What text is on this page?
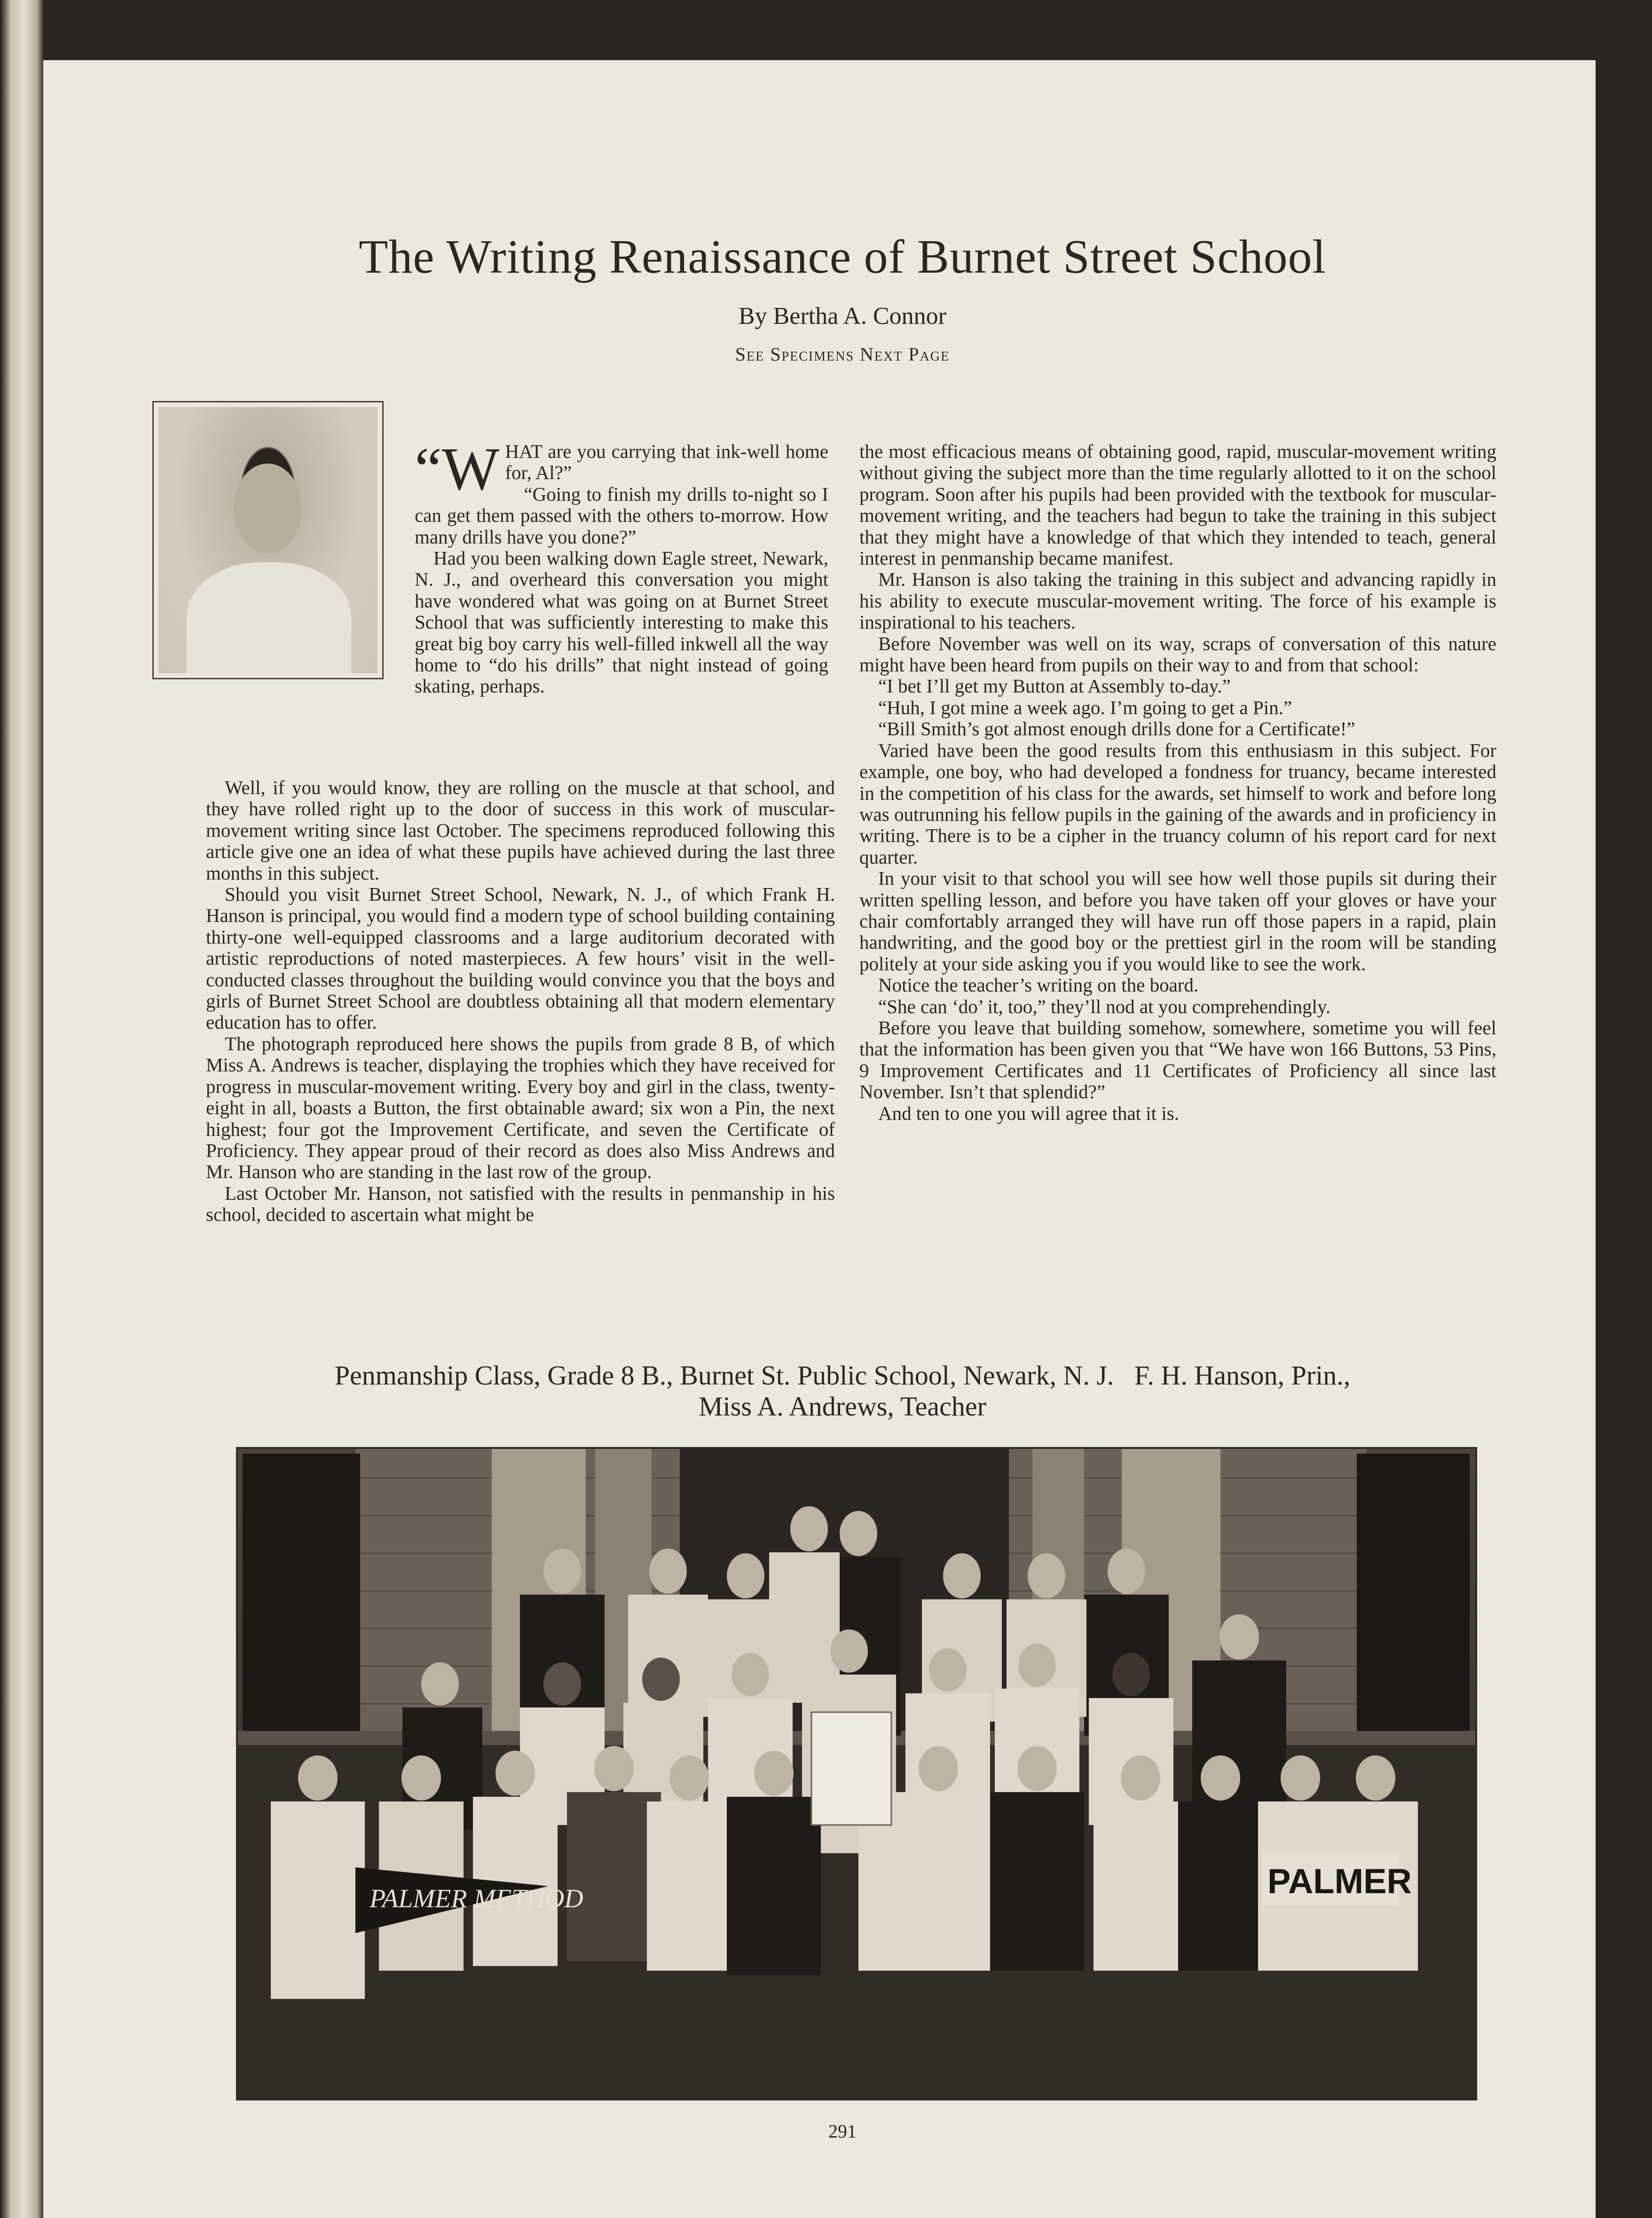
The Writing Renaissance of Burnet Street School
By Bertha A. Connor
See Specimens Next Page

“WHAT are you carrying that ink-well home for, Al?”

“Going to finish my drills to-night so I can get them passed with the others to-morrow. How many drills have you done?”

Had you been walking down Eagle street, Newark, N. J., and overheard this conversation you might have wondered what was going on at Burnet Street School that was sufficiently interesting to make this great big boy carry his well-filled inkwell all the way home to “do his drills” that night instead of going skating, perhaps.

Well, if you would know, they are rolling on the muscle at that school, and they have rolled right up to the door of success in this work of muscular-movement writing since last October. The specimens reproduced following this article give one an idea of what these pupils have achieved during the last three months in this subject.

Should you visit Burnet Street School, Newark, N. J., of which Frank H. Hanson is principal, you would find a modern type of school building containing thirty-one well-equipped classrooms and a large auditorium decorated with artistic reproductions of noted masterpieces. A few hours’ visit in the well-conducted classes throughout the building would convince you that the boys and girls of Burnet Street School are doubtless obtaining all that modern elementary education has to offer.

The photograph reproduced here shows the pupils from grade 8 B, of which Miss A. Andrews is teacher, displaying the trophies which they have received for progress in muscular-movement writing. Every boy and girl in the class, twenty-eight in all, boasts a Button, the first obtainable award; six won a Pin, the next highest; four got the Improvement Certificate, and seven the Certificate of Proficiency. They appear proud of their record as does also Miss Andrews and Mr. Hanson who are standing in the last row of the group.

Last October Mr. Hanson, not satisfied with the results in penmanship in his school, decided to ascertain what might be

the most efficacious means of obtaining good, rapid, muscular-movement writing without giving the subject more than the time regularly allotted to it on the school program. Soon after his pupils had been provided with the textbook for muscular-movement writing, and the teachers had begun to take the training in this subject that they might have a knowledge of that which they intended to teach, general interest in penmanship became manifest.

Mr. Hanson is also taking the training in this subject and advancing rapidly in his ability to execute muscular-movement writing. The force of his example is inspirational to his teachers.

Before November was well on its way, scraps of conversation of this nature might have been heard from pupils on their way to and from that school:

“I bet I’ll get my Button at Assembly to-day.”

“Huh, I got mine a week ago. I’m going to get a Pin.”

“Bill Smith’s got almost enough drills done for a Certificate!”

Varied have been the good results from this enthusiasm in this subject. For example, one boy, who had developed a fondness for truancy, became interested in the competition of his class for the awards, set himself to work and before long was outrunning his fellow pupils in the gaining of the awards and in proficiency in writing. There is to be a cipher in the truancy column of his report card for next quarter.

In your visit to that school you will see how well those pupils sit during their written spelling lesson, and before you have taken off your gloves or have your chair comfortably arranged they will have run off those papers in a rapid, plain handwriting, and the good boy or the prettiest girl in the room will be standing politely at your side asking you if you would like to see the work.

Notice the teacher’s writing on the board.

“She can ‘do’ it, too,” they’ll nod at you comprehendingly.

Before you leave that building somehow, somewhere, sometime you will feel that the information has been given you that “We have won 166 Buttons, 53 Pins, 9 Improvement Certificates and 11 Certificates of Proficiency all since last November. Isn’t that splendid?”

And ten to one you will agree that it is.

Penmanship Class, Grade 8 B., Burnet St. Public School, Newark, N. J.   F. H. Hanson, Prin.,
Miss A. Andrews, Teacher
PALMER METHOD	PALMER
291
